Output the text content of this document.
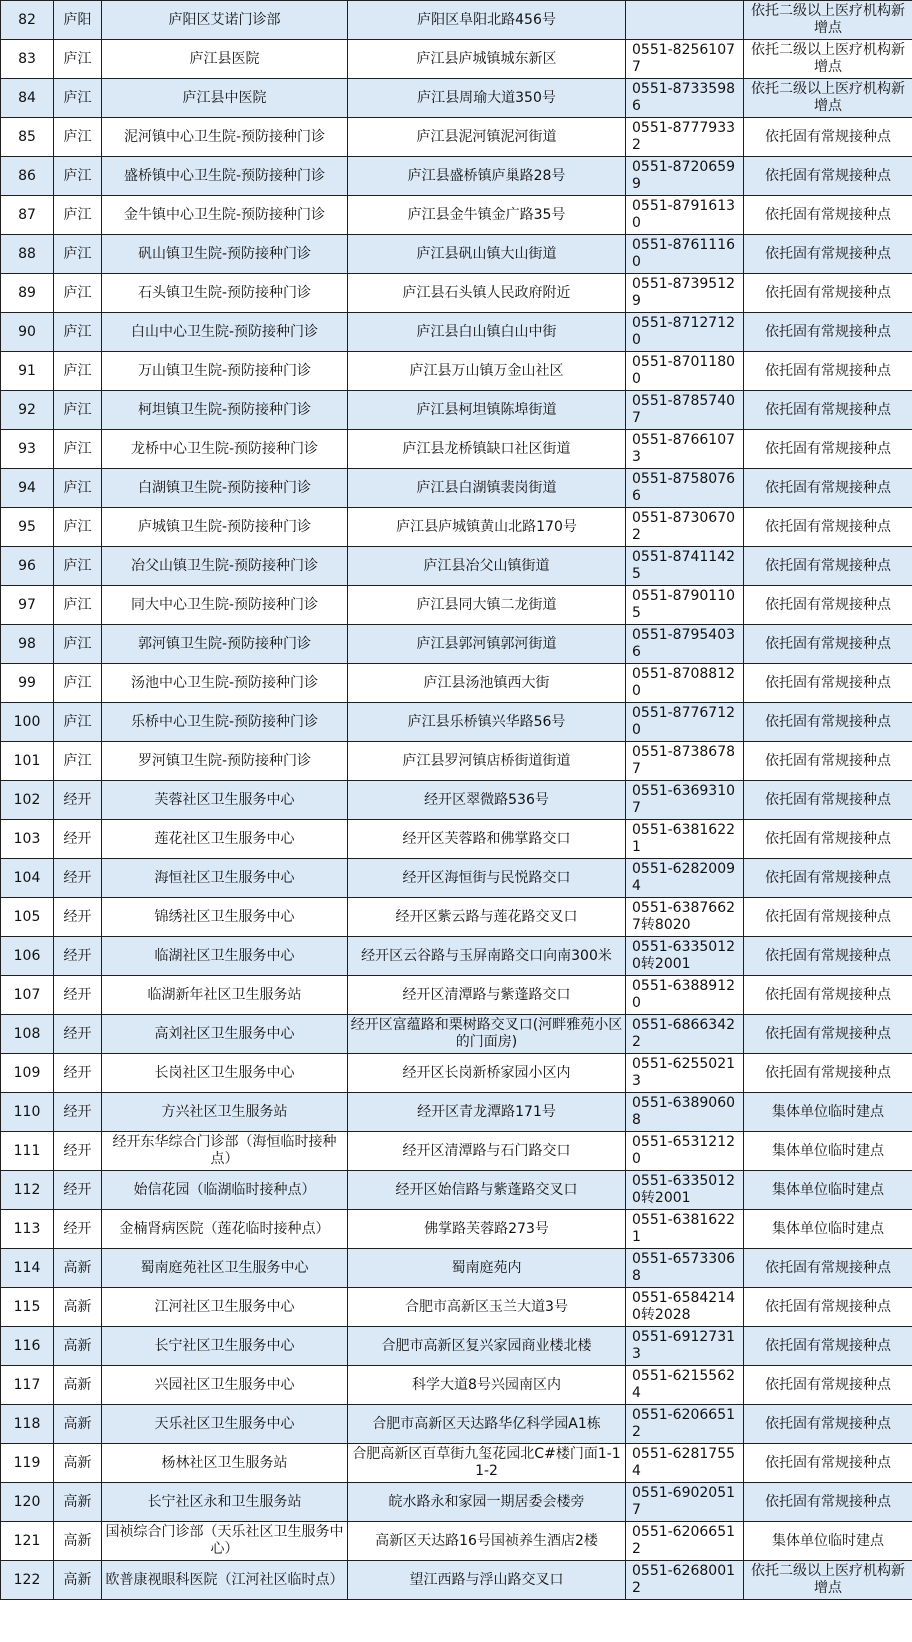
82	庐阳	庐阳区艾诺门诊部	庐阳区阜阳北路456号		依托二级以上医疗机构新增点
83	庐江	庐江县医院	庐江县庐城镇城东新区	0551-82561077	依托二级以上医疗机构新增点
84	庐江	庐江县中医院	庐江县周瑜大道350号	0551-87335986	依托二级以上医疗机构新增点
85	庐江	泥河镇中心卫生院-预防接种门诊	庐江县泥河镇泥河街道	0551-87779332	依托固有常规接种点
86	庐江	盛桥镇中心卫生院-预防接种门诊	庐江县盛桥镇庐巢路28号	0551-87206599	依托固有常规接种点
87	庐江	金牛镇中心卫生院-预防接种门诊	庐江县金牛镇金广路35号	0551-87916130	依托固有常规接种点
88	庐江	矾山镇卫生院-预防接种门诊	庐江县矾山镇大山街道	0551-87611160	依托固有常规接种点
89	庐江	石头镇卫生院-预防接种门诊	庐江县石头镇人民政府附近	0551-87395129	依托固有常规接种点
90	庐江	白山中心卫生院-预防接种门诊	庐江县白山镇白山中街	0551-87127120	依托固有常规接种点
91	庐江	万山镇卫生院-预防接种门诊	庐江县万山镇万金山社区	0551-87011800	依托固有常规接种点
92	庐江	柯坦镇卫生院-预防接种门诊	庐江县柯坦镇陈埠街道	0551-87857407	依托固有常规接种点
93	庐江	龙桥中心卫生院-预防接种门诊	庐江县龙桥镇缺口社区街道	0551-87661073	依托固有常规接种点
94	庐江	白湖镇卫生院-预防接种门诊	庐江县白湖镇裴岗街道	0551-87580766	依托固有常规接种点
95	庐江	庐城镇卫生院-预防接种门诊	庐江县庐城镇黄山北路170号	0551-87306702	依托固有常规接种点
96	庐江	冶父山镇卫生院-预防接种门诊	庐江县冶父山镇街道	0551-87411425	依托固有常规接种点
97	庐江	同大中心卫生院-预防接种门诊	庐江县同大镇二龙街道	0551-87901105	依托固有常规接种点
98	庐江	郭河镇卫生院-预防接种门诊	庐江县郭河镇郭河街道	0551-87954036	依托固有常规接种点
99	庐江	汤池中心卫生院-预防接种门诊	庐江县汤池镇西大街	0551-87088120	依托固有常规接种点
100	庐江	乐桥中心卫生院-预防接种门诊	庐江县乐桥镇兴华路56号	0551-87767120	依托固有常规接种点
101	庐江	罗河镇卫生院-预防接种门诊	庐江县罗河镇店桥街道街道	0551-87386787	依托固有常规接种点
102	经开	芙蓉社区卫生服务中心	经开区翠微路536号	0551-63693107	依托固有常规接种点
103	经开	莲花社区卫生服务中心	经开区芙蓉路和佛掌路交口	0551-63816221	依托固有常规接种点
104	经开	海恒社区卫生服务中心	经开区海恒街与民悦路交口	0551-62820094	依托固有常规接种点
105	经开	锦绣社区卫生服务中心	经开区紫云路与莲花路交叉口	0551-63876627转8020	依托固有常规接种点
106	经开	临湖社区卫生服务中心	经开区云谷路与玉屏南路交口向南300米	0551-63350120转2001	依托固有常规接种点
107	经开	临湖新年社区卫生服务站	经开区清潭路与紫蓬路交口	0551-63889120	依托固有常规接种点
108	经开	高刘社区卫生服务中心	经开区富蕴路和栗树路交叉口(河畔雅苑小区的门面房)	0551-68663422	依托固有常规接种点
109	经开	长岗社区卫生服务中心	经开区长岗新桥家园小区内	0551-62550213	依托固有常规接种点
110	经开	方兴社区卫生服务站	经开区青龙潭路171号	0551-63890608	集体单位临时建点
111	经开	经开东华综合门诊部（海恒临时接种点）	经开区清潭路与石门路交口	0551-65312120	集体单位临时建点
112	经开	始信花园（临湖临时接种点）	经开区始信路与紫蓬路交叉口	0551-63350120转2001	集体单位临时建点
113	经开	金楠肾病医院（莲花临时接种点）	佛掌路芙蓉路273号	0551-63816221	集体单位临时建点
114	高新	蜀南庭苑社区卫生服务中心	蜀南庭苑内	0551-65733068	依托固有常规接种点
115	高新	江河社区卫生服务中心	合肥市高新区玉兰大道3号	0551-65842140转2028	依托固有常规接种点
116	高新	长宁社区卫生服务中心	合肥市高新区复兴家园商业楼北楼	0551-69127313	依托固有常规接种点
117	高新	兴园社区卫生服务中心	科学大道8号兴园南区内	0551-62155624	依托固有常规接种点
118	高新	天乐社区卫生服务中心	合肥市高新区天达路华亿科学园A1栋	0551-62066512	依托固有常规接种点
119	高新	杨林社区卫生服务站	合肥高新区百草街九玺花园北C#楼门面1-1 1-2	0551-62817554	依托固有常规接种点
120	高新	长宁社区永和卫生服务站	皖水路永和家园一期居委会楼旁	0551-69020517	依托固有常规接种点
121	高新	国祯综合门诊部（天乐社区卫生服务中心）	高新区天达路16号国祯养生酒店2楼	0551-62066512	集体单位临时建点
122	高新	欧普康视眼科医院（江河社区临时点）	望江西路与浮山路交叉口	0551-62680012	依托二级以上医疗机构新增点
